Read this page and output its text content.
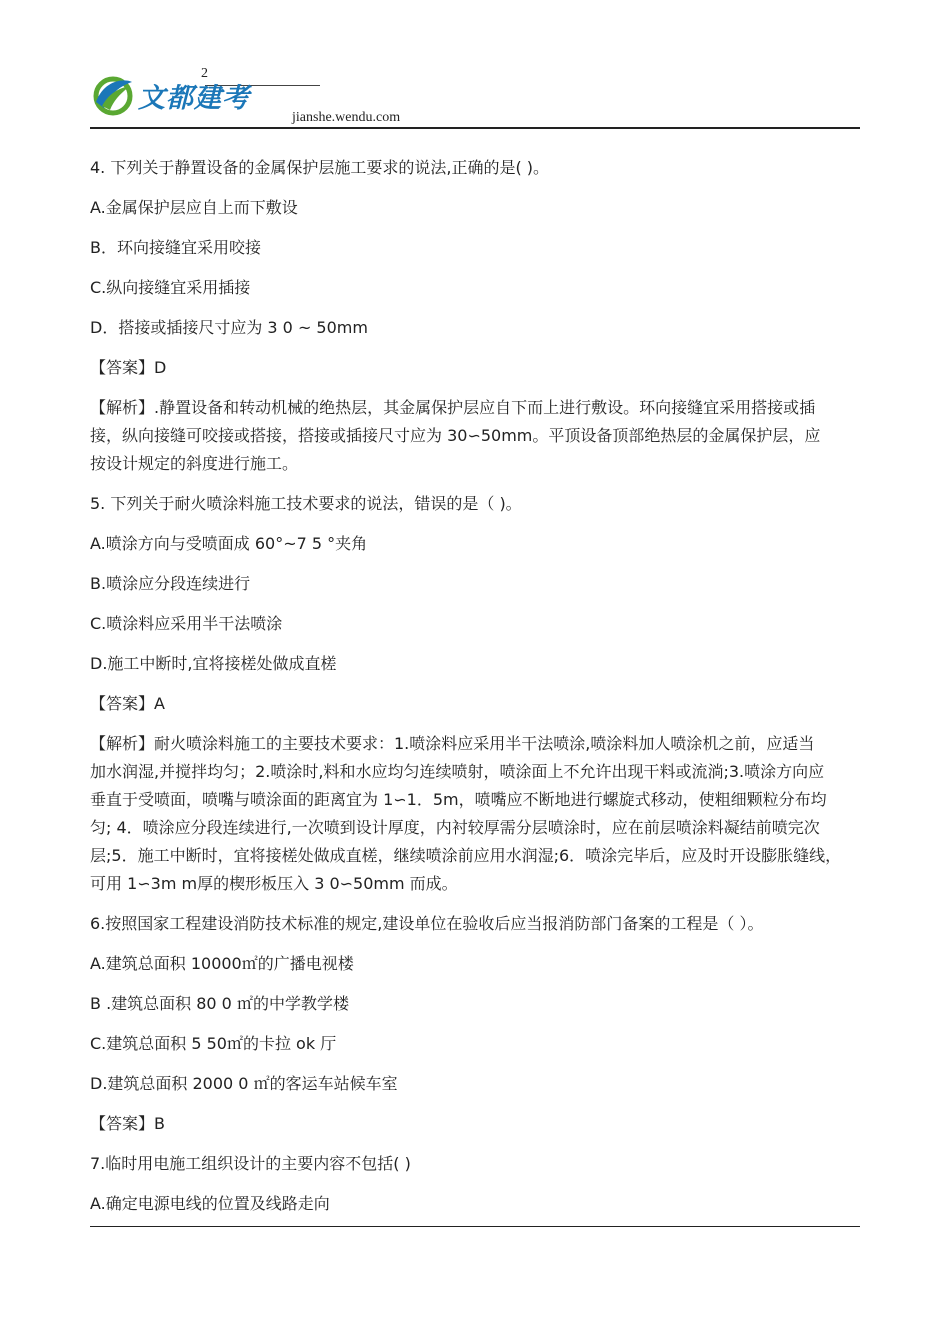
2
文都建考
jianshe.wendu.com

4. 下列关于静置设备的金属保护层施工要求的说法,正确的是( )。

A.金属保护层应自上而下敷设

B．环向接缝宜采用咬接

C.纵向接缝宜采用插接

D．搭接或插接尺寸应为 3 0 ~ 50mm

【答案】D

【解析】.静置设备和转动机械的绝热层，其金属保护层应自下而上进行敷设。环向接缝宜采用搭接或插
接，纵向接缝可咬接或搭接，搭接或插接尺寸应为 30∽50mm。平顶设备顶部绝热层的金属保护层，应
按设计规定的斜度进行施工。

5. 下列关于耐火喷涂料施工技术要求的说法，错误的是（ )。

A.喷涂方向与受喷面成 60°~7 5 °夹角

B.喷涂应分段连续进行

C.喷涂料应采用半干法喷涂

D.施工中断时,宜将接槎处做成直槎

【答案】A

【解析】耐火喷涂料施工的主要技术要求：1.喷涂料应采用半干法喷涂,喷涂料加人喷涂机之前，应适当
加水润湿,并搅拌均匀；2.喷涂时,料和水应均匀连续喷射，喷涂面上不允许出现干料或流淌;3.喷涂方向应
垂直于受喷面，喷嘴与喷涂面的距离宜为 1∽1．5m，喷嘴应不断地进行螺旋式移动，使粗细颗粒分布均
匀; 4．喷涂应分段连续进行,一次喷到设计厚度，内衬较厚需分层喷涂时，应在前层喷涂料凝结前喷完次
层;5．施工中断时，宜将接槎处做成直槎，继续喷涂前应用水润湿;6．喷涂完毕后，应及时开设膨胀缝线，
可用 1∽3m m厚的楔形板压入 3 0∽50mm 而成。

6.按照国家工程建设消防技术标准的规定,建设单位在验收后应当报消防部门备案的工程是（ ）。

A.建筑总面积 10000㎡的广播电视楼

B .建筑总面积 80 0 ㎡的中学教学楼

C.建筑总面积 5 50㎡的卡拉 ok 厅

D.建筑总面积 2000 0 ㎡的客运车站候车室

【答案】B

7.临时用电施工组织设计的主要内容不包括( )

A.确定电源电线的位置及线路走向
